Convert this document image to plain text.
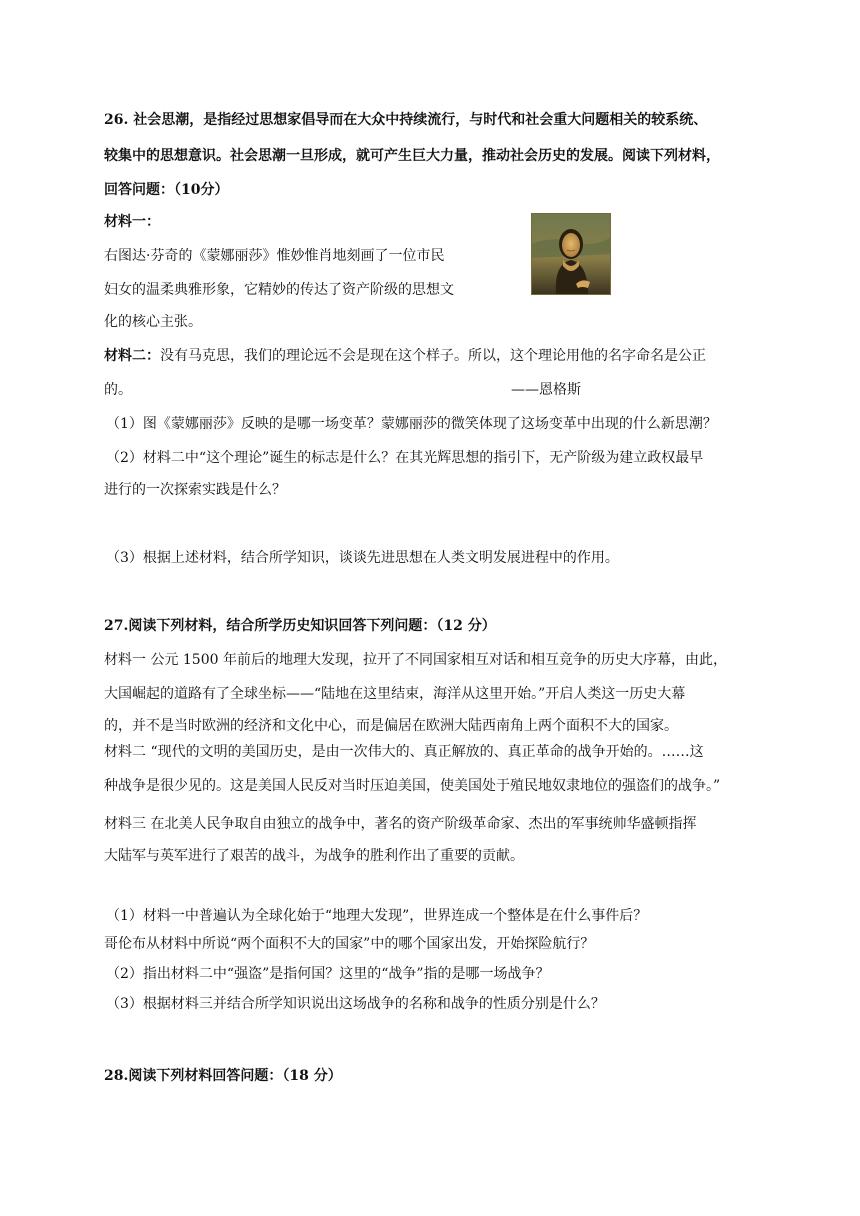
26. 社会思潮，是指经过思想家倡导而在大众中持续流行，与时代和社会重大问题相关的较系统、
较集中的思想意识。社会思潮一旦形成，就可产生巨大力量，推动社会历史的发展。阅读下列材料，
回答问题：（10分）
材料一：
右图达·芬奇的《蒙娜丽莎》惟妙惟肖地刻画了一位市民
妇女的温柔典雅形象，它精妙的传达了资产阶级的思想文
化的核心主张。
材料二：没有马克思，我们的理论远不会是现在这个样子。所以，这个理论用他的名字命名是公正
的。	——恩格斯
（1）图《蒙娜丽莎》反映的是哪一场变革？蒙娜丽莎的微笑体现了这场变革中出现的什么新思潮？
（2）材料二中“这个理论”诞生的标志是什么？在其光辉思想的指引下，无产阶级为建立政权最早
进行的一次探索实践是什么？
（3）根据上述材料，结合所学知识，谈谈先进思想在人类文明发展进程中的作用。
27.阅读下列材料，结合所学历史知识回答下列问题：（12 分）
材料一 公元 1500 年前后的地理大发现，拉开了不同国家相互对话和相互竞争的历史大序幕，由此，
大国崛起的道路有了全球坐标——“陆地在这里结束，海洋从这里开始。”开启人类这一历史大幕
的，并不是当时欧洲的经济和文化中心，而是偏居在欧洲大陆西南角上两个面积不大的国家。
材料二 “现代的文明的美国历史，是由一次伟大的、真正解放的、真正革命的战争开始的。……这
种战争是很少见的。这是美国人民反对当时压迫美国，使美国处于殖民地奴隶地位的强盗们的战争。”
材料三 在北美人民争取自由独立的战争中，著名的资产阶级革命家、杰出的军事统帅华盛顿指挥
大陆军与英军进行了艰苦的战斗，为战争的胜利作出了重要的贡献。
（1）材料一中普遍认为全球化始于“地理大发现”，世界连成一个整体是在什么事件后？
哥伦布从材料中所说“两个面积不大的国家”中的哪个国家出发，开始探险航行？
（2）指出材料二中“强盗”是指何国？这里的“战争”指的是哪一场战争？
（3）根据材料三并结合所学知识说出这场战争的名称和战争的性质分别是什么？
28.阅读下列材料回答问题：（18 分）
